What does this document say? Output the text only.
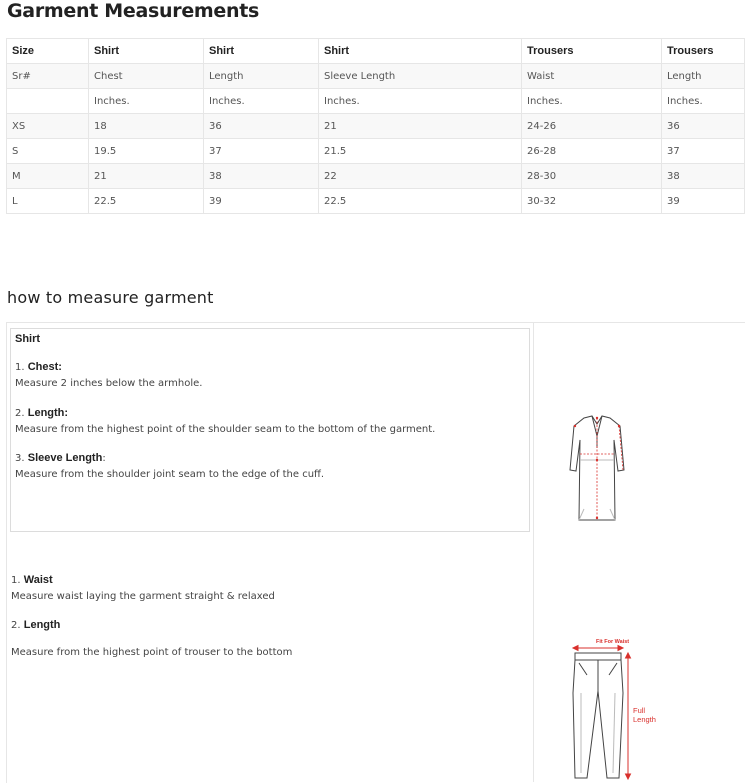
Garment Measurements
Size	Shirt	Shirt	Shirt	Trousers	Trousers
Sr#	Chest	Length	Sleeve Length	Waist	Length
	Inches.	Inches.	Inches.	Inches.	Inches.
XS	18	36	21	24-26	36
S	19.5	37	21.5	26-28	37
M	21	38	22	28-30	38
L	22.5	39	22.5	30-32	39
how to measure garment
Shirt
1. Chest:
Measure 2 inches below the armhole.
2. Length:
Measure from the highest point of the shoulder seam to the bottom of the garment.
3. Sleeve Length:
Measure from the shoulder joint seam to the edge of the cuff.
1. Waist
Measure waist laying the garment straight & relaxed
2. Length
Measure from the highest point of trouser to the bottom
Fit For Waist
Full
Length
